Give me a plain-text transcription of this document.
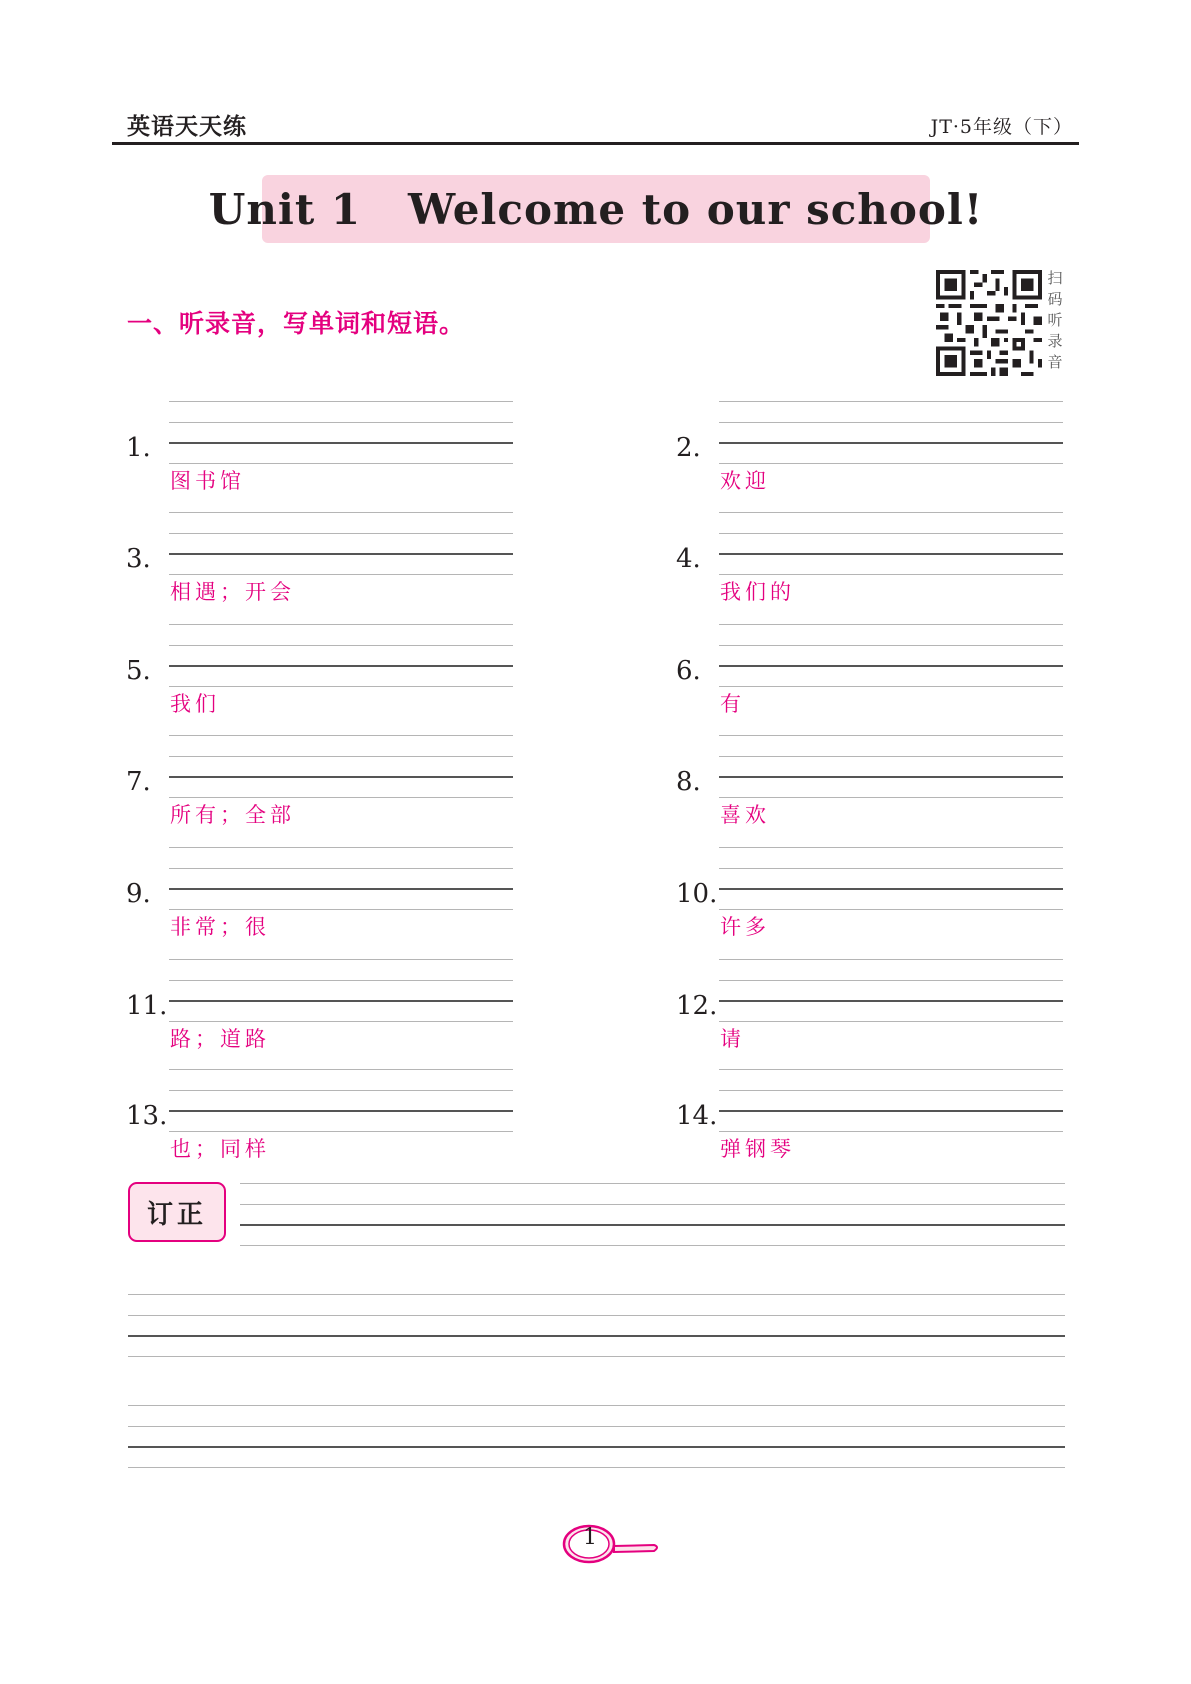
英语天天练	JT·5年级（下）
Unit 1   Welcome to our school!
一、听录音，写单词和短语。
扫
码
听
录
音
1.
图书馆
2.
欢迎
3.
相遇；开会
4.
我们的
5.
我们
6.
有
7.
所有；全部
8.
喜欢
9.
非常；很
10.
许多
11.
路；道路
12.
请
13.
也；同样
14.
弹钢琴
订正
1
